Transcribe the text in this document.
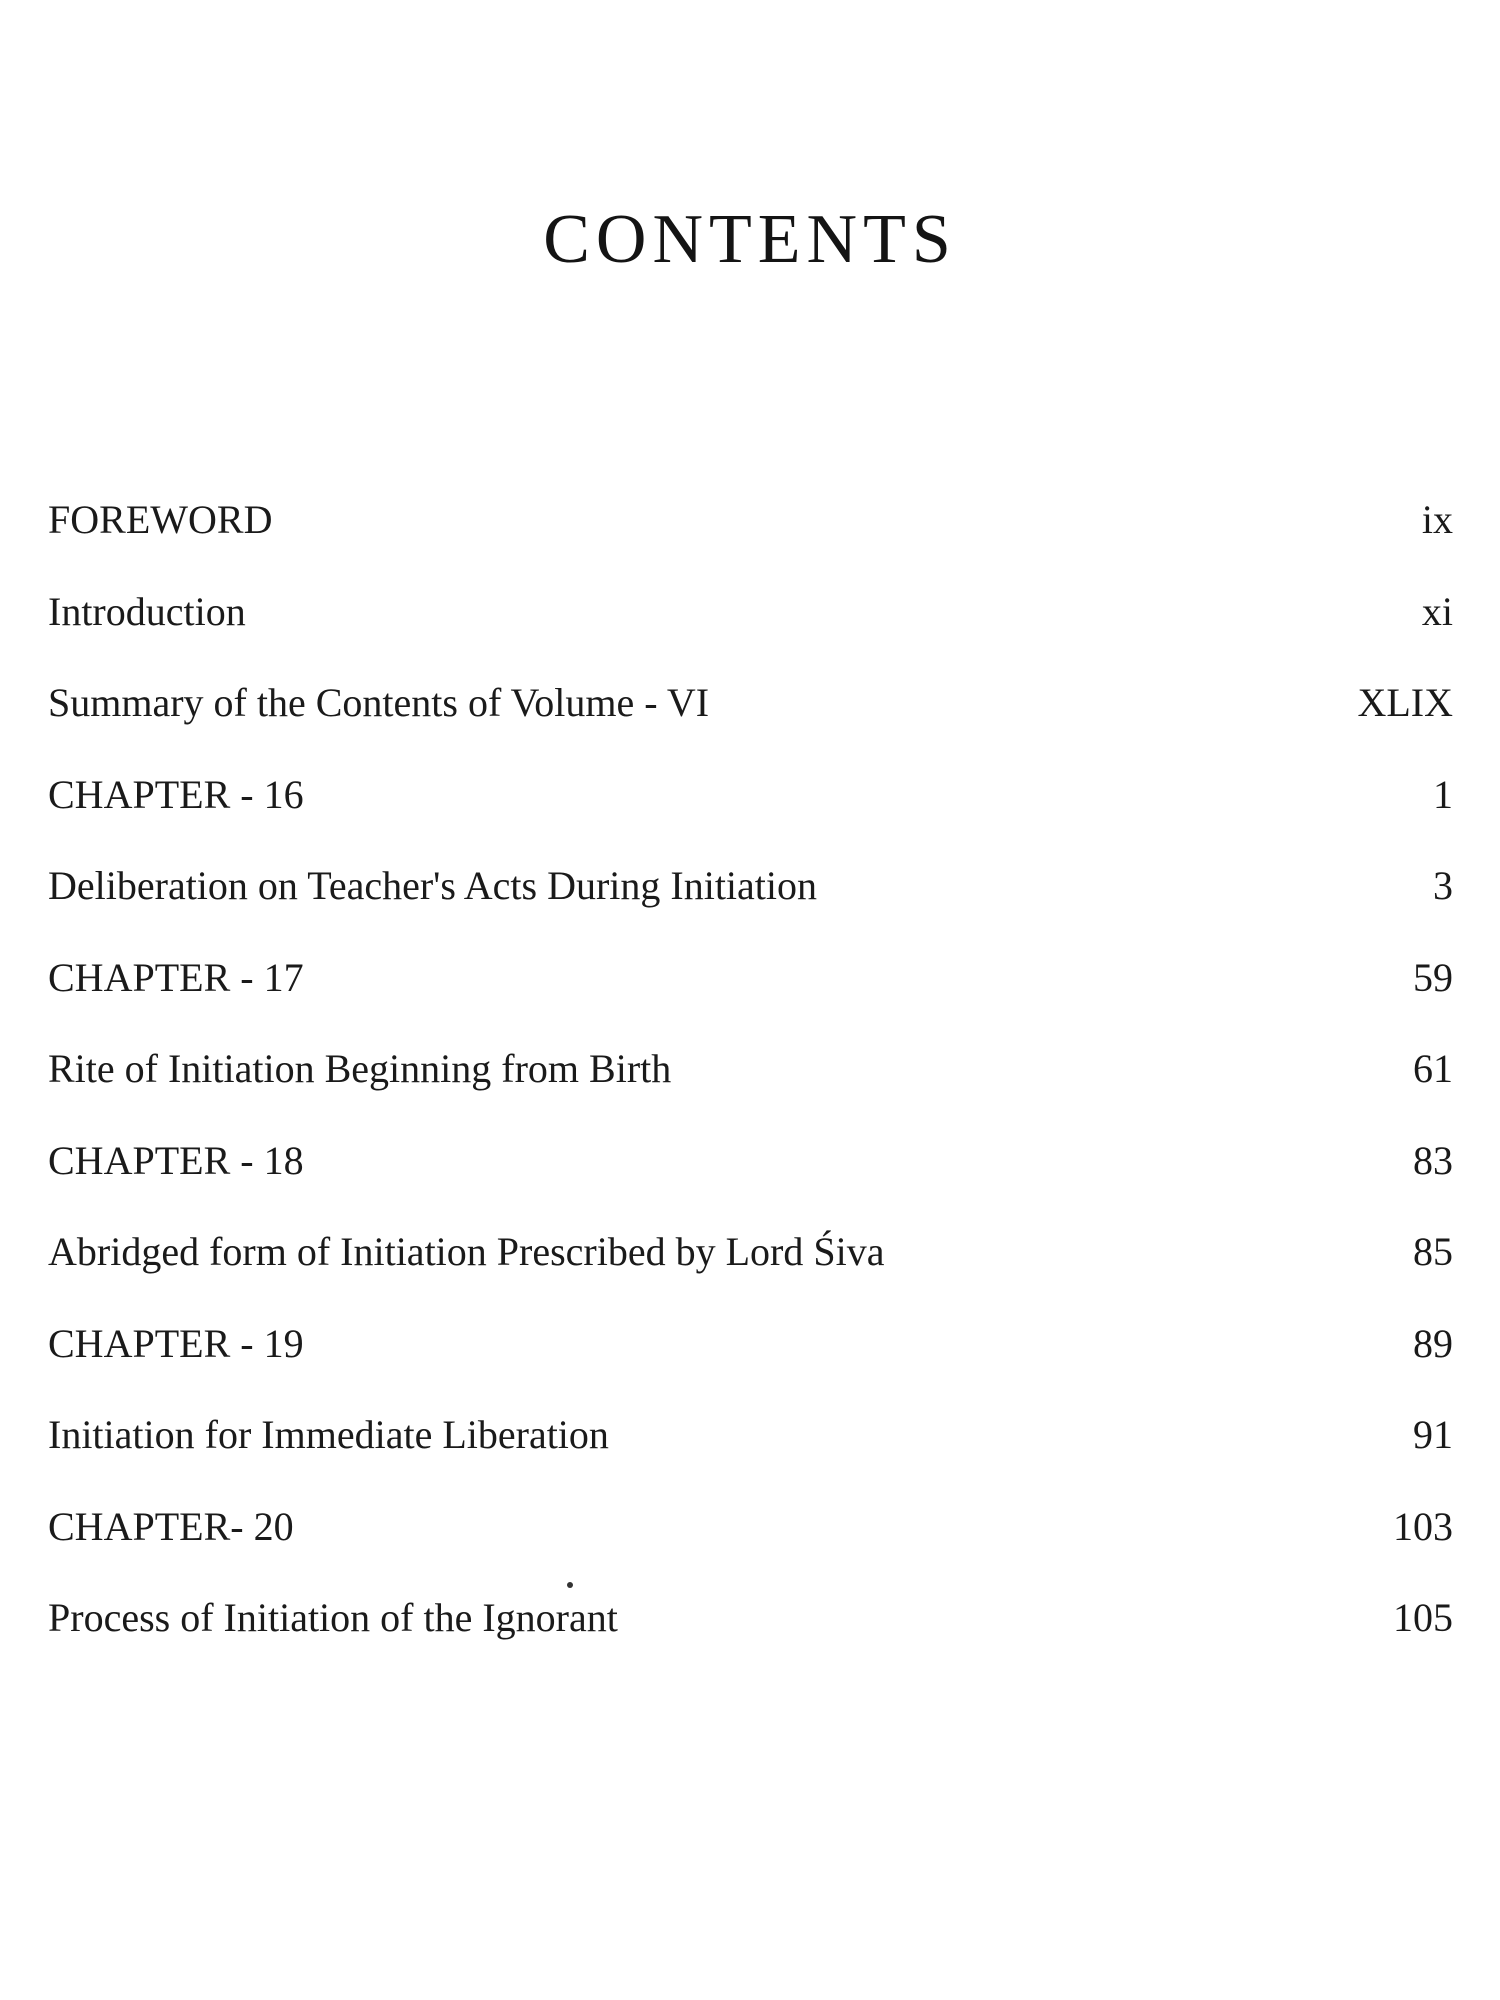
CONTENTS
FOREWORD	ix
Introduction	xi
Summary of the Contents of Volume - VI	XLIX
CHAPTER - 16	1
Deliberation on Teacher's Acts During Initiation	3
CHAPTER - 17	59
Rite of Initiation Beginning from Birth	61
CHAPTER - 18	83
Abridged form of Initiation Prescribed by Lord Śiva	85
CHAPTER - 19	89
Initiation for Immediate Liberation	91
CHAPTER- 20	103
Process of Initiation of the Ignorant	105
